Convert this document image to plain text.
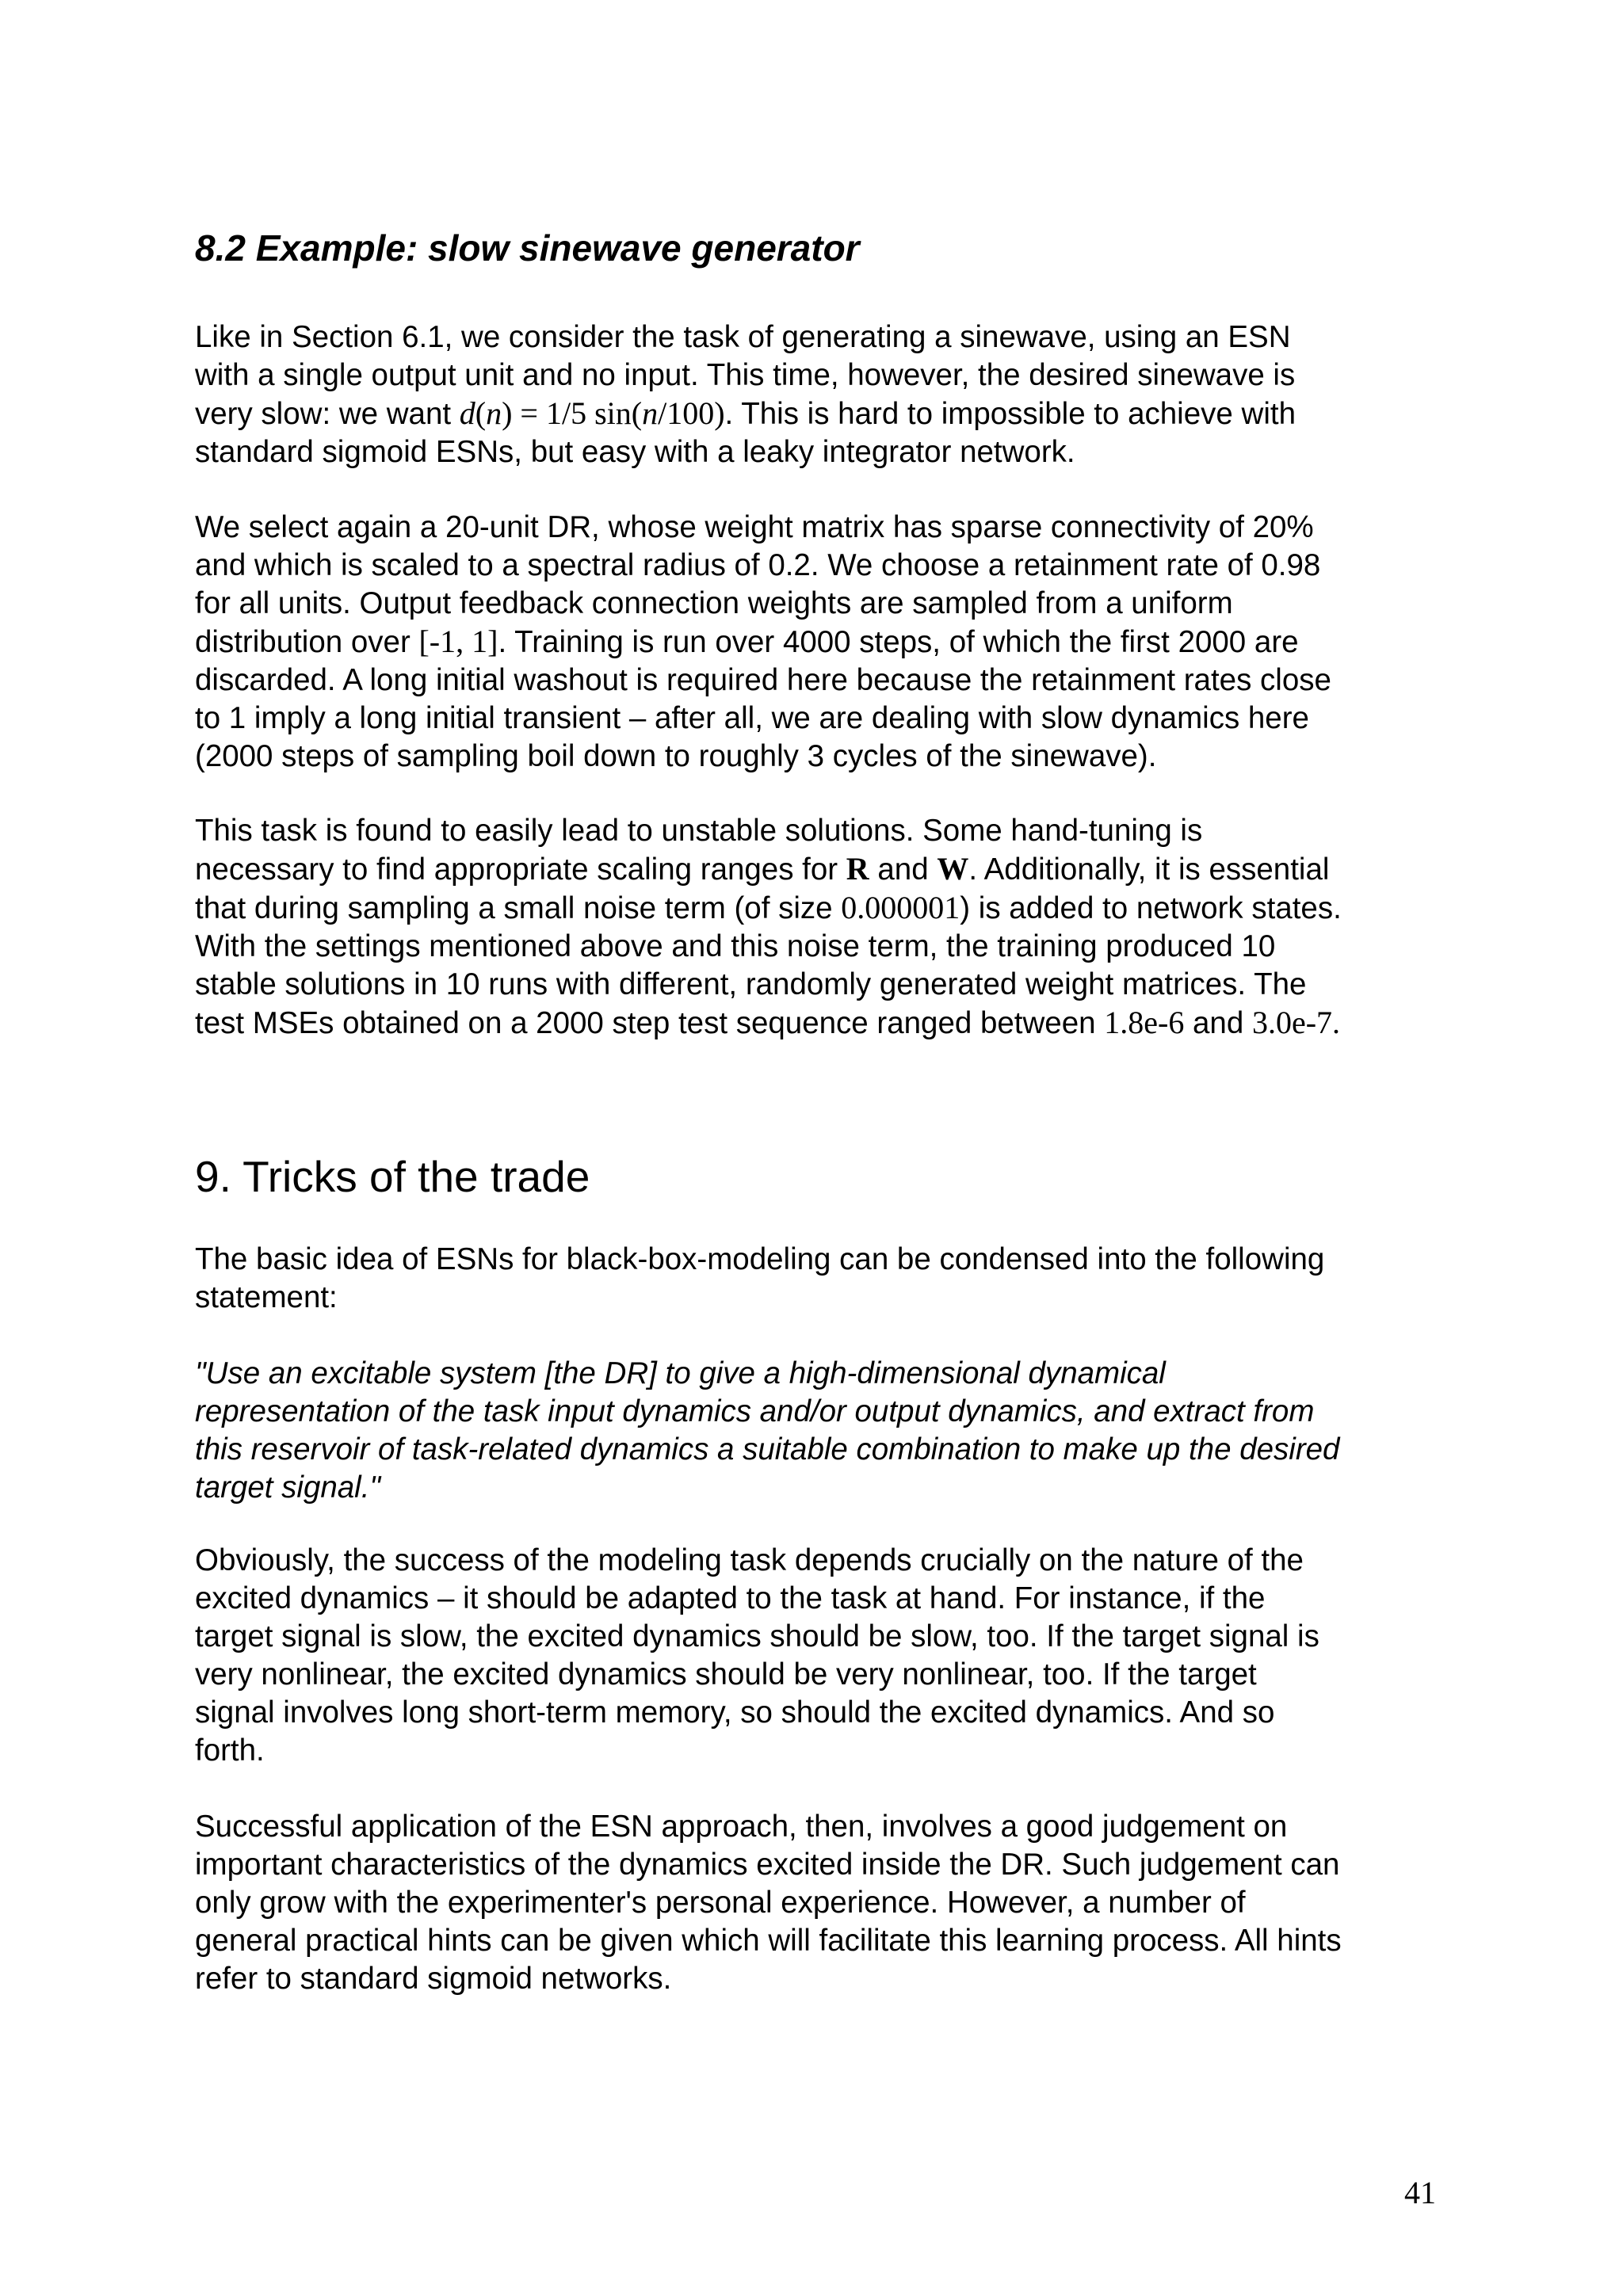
8.2 Example: slow sinewave generator

Like in Section 6.1, we consider the task of generating a sinewave, using an ESN
with a single output unit and no input. This time, however, the desired sinewave is
very slow: we want d(n) = 1/5 sin(n/100). This is hard to impossible to achieve with
standard sigmoid ESNs, but easy with a leaky integrator network.

We select again a 20-unit DR, whose weight matrix has sparse connectivity of 20%
and which is scaled to a spectral radius of 0.2. We choose a retainment rate of 0.98
for all units. Output feedback connection weights are sampled from a uniform
distribution over [-1, 1]. Training is run over 4000 steps, of which the first 2000 are
discarded. A long initial washout is required here because the retainment rates close
to 1 imply a long initial transient – after all, we are dealing with slow dynamics here
(2000 steps of sampling boil down to roughly 3 cycles of the sinewave).

This task is found to easily lead to unstable solutions. Some hand-tuning is
necessary to find appropriate scaling ranges for R and W. Additionally, it is essential
that during sampling a small noise term (of size 0.000001) is added to network states.
With the settings mentioned above and this noise term, the training produced 10
stable solutions in 10 runs with different, randomly generated weight matrices. The
test MSEs obtained on a 2000 step test sequence ranged between 1.8e-6 and 3.0e-7.

9. Tricks of the trade

The basic idea of ESNs for black-box-modeling can be condensed into the following
statement:

"Use an excitable system [the DR] to give a high-dimensional dynamical
representation of the task input dynamics and/or output dynamics, and extract from
this reservoir of task-related dynamics a suitable combination to make up the desired
target signal."

Obviously, the success of the modeling task depends crucially on the nature of the
excited dynamics – it should be adapted to the task at hand. For instance, if the
target signal is slow, the excited dynamics should be slow, too. If the target signal is
very nonlinear, the excited dynamics should be very nonlinear, too. If the target
signal involves long short-term memory, so should the excited dynamics. And so
forth.

Successful application of the ESN approach, then, involves a good judgement on
important characteristics of the dynamics excited inside the DR. Such judgement can
only grow with the experimenter's personal experience. However, a number of
general practical hints can be given which will facilitate this learning process. All hints
refer to standard sigmoid networks.

41
